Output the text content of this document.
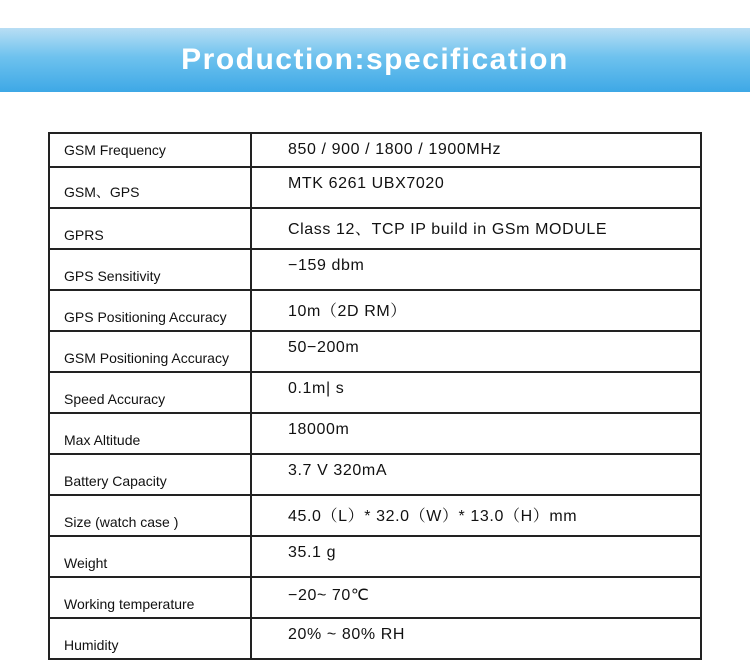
Production:specification
GSM Frequency	850 / 900 / 1800 / 1900MHz
GSM、GPS	MTK 6261 UBX7020
GPRS	Class 12、TCP IP build in GSm MODULE
GPS Sensitivity	−159 dbm
GPS Positioning Accuracy	10m（2D RM）
GSM Positioning Accuracy	50−200m
Speed Accuracy	0.1m| s
Max Altitude	18000m
Battery Capacity	3.7 V 320mA
Size (watch case )	45.0（L）* 32.0（W）* 13.0（H）mm
Weight	35.1 g
Working temperature	−20~ 70℃
Humidity	20% ~ 80% RH
